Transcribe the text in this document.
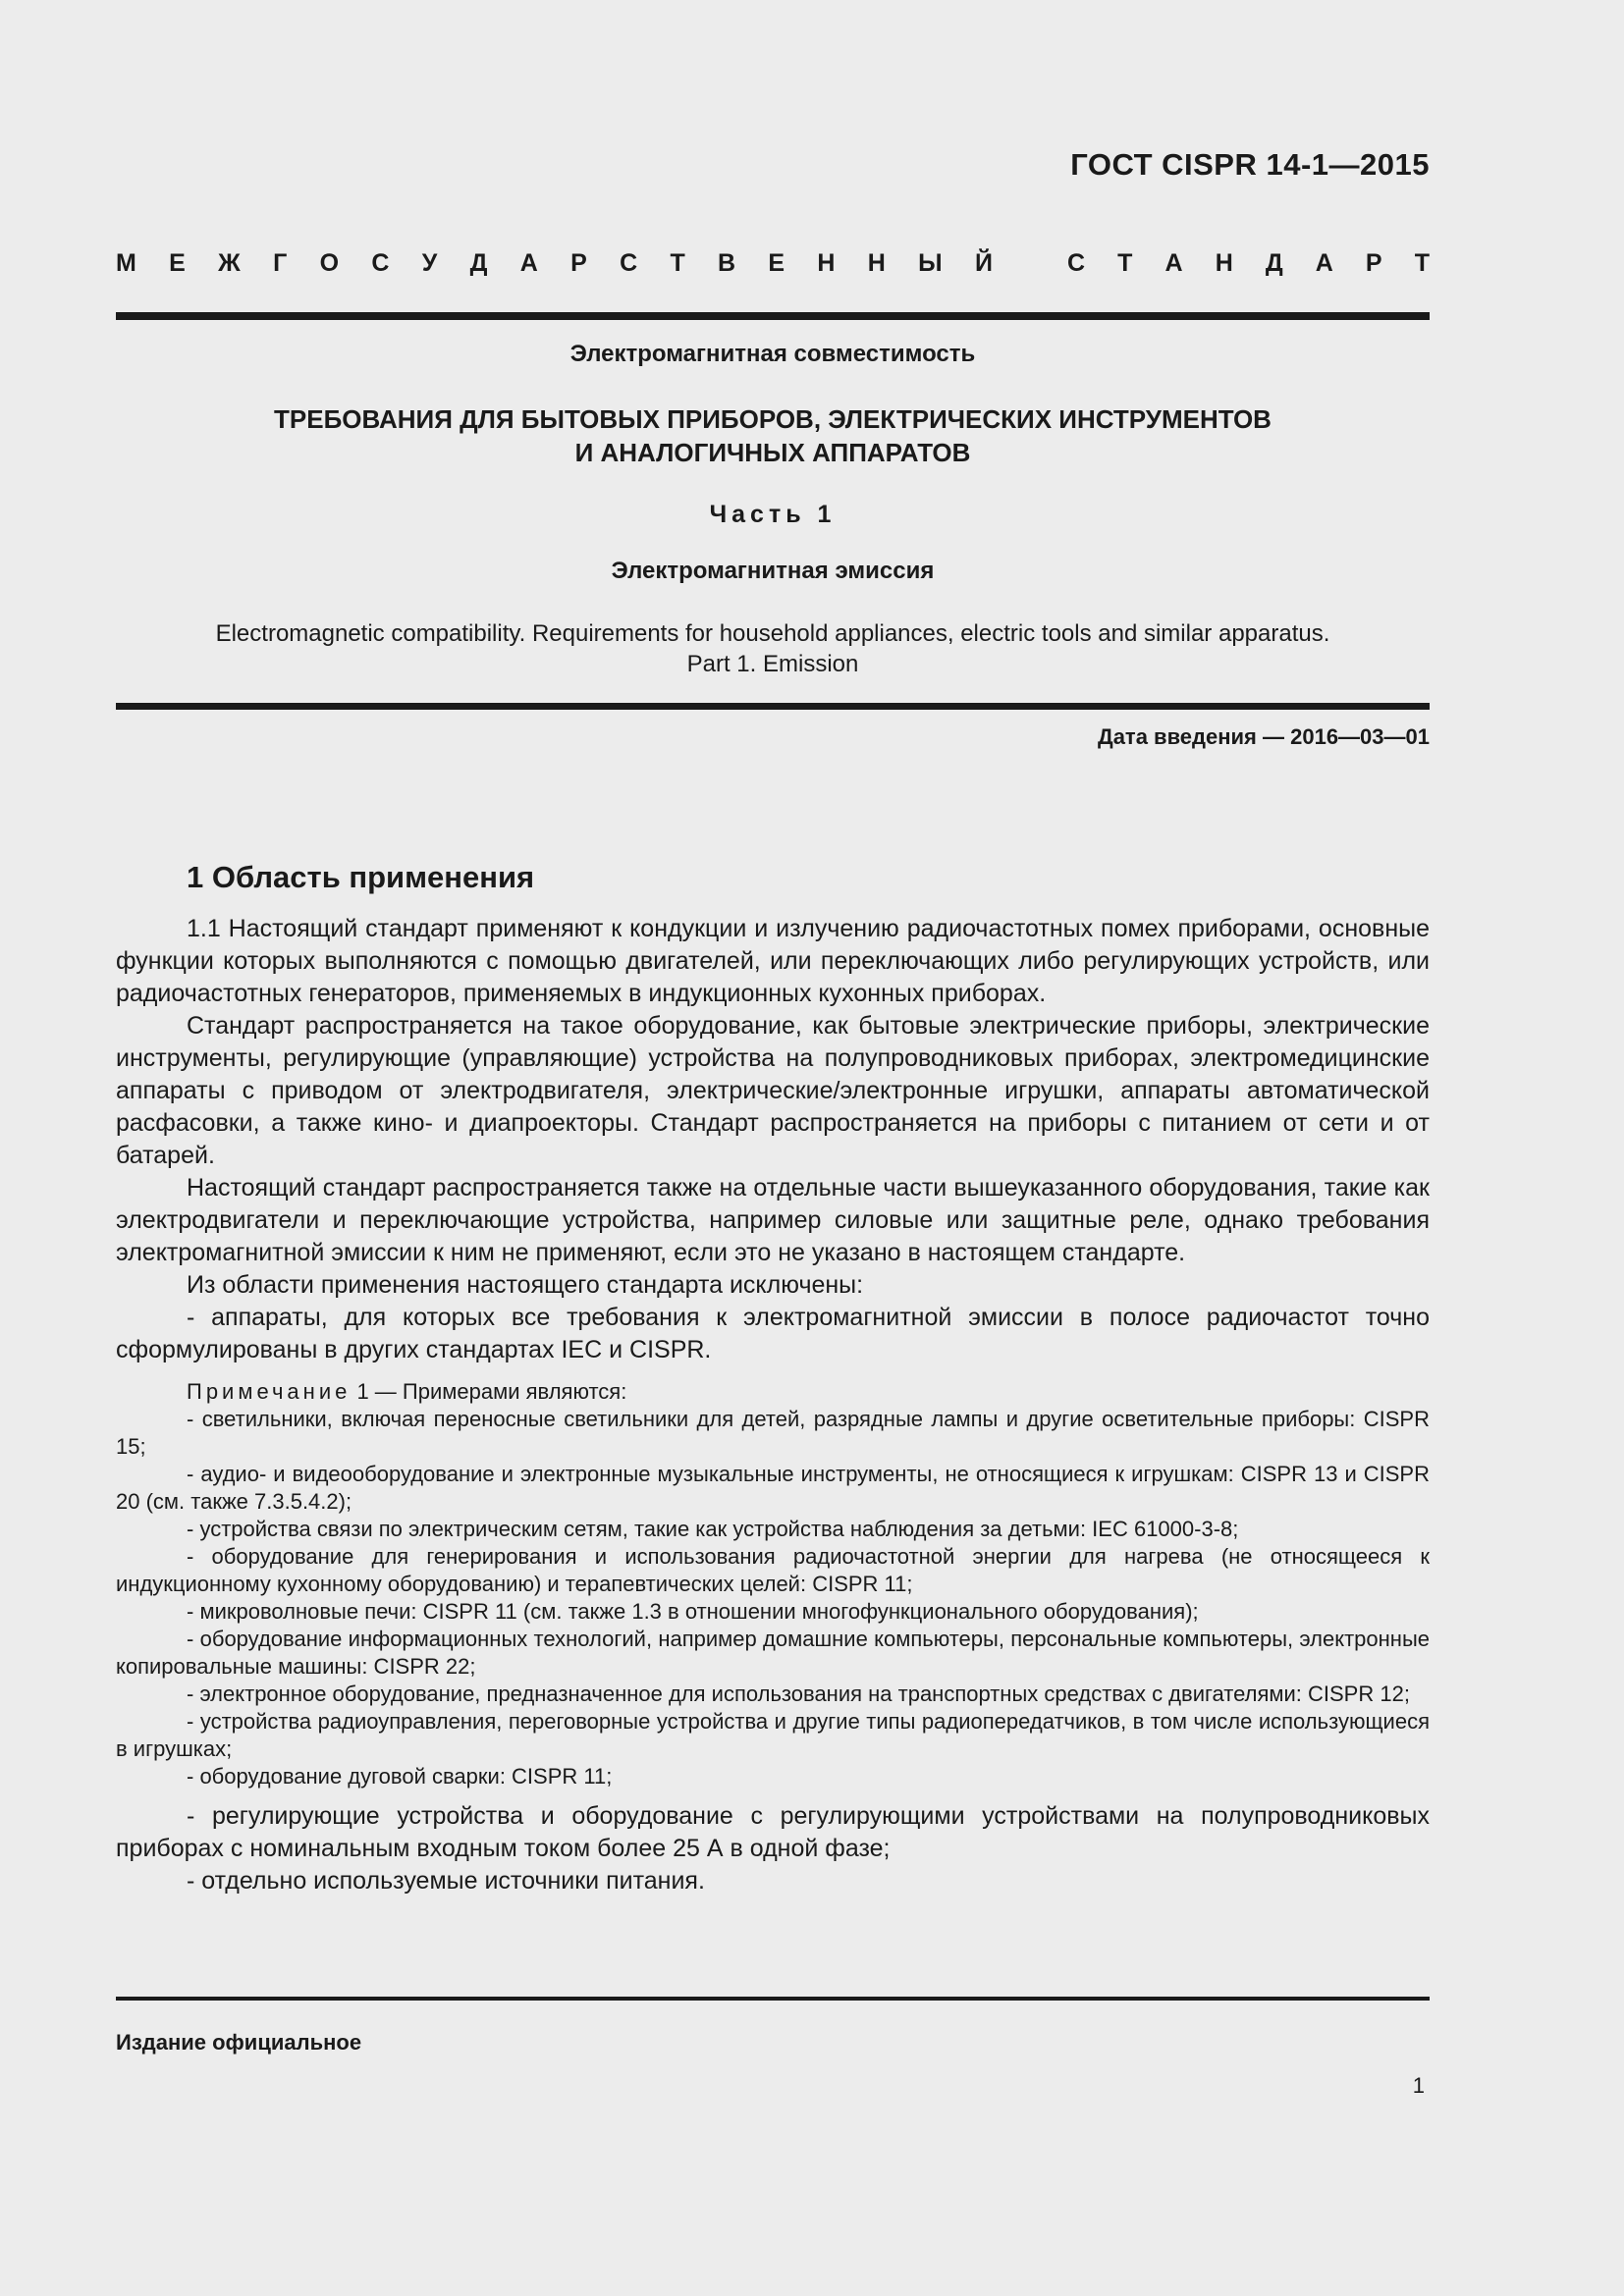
ГОСТ CISPR 14-1—2015
М Е Ж Г О С У Д А Р С Т В Е Н Н Ы Й	С Т А Н Д А Р Т
Электромагнитная совместимость
ТРЕБОВАНИЯ ДЛЯ БЫТОВЫХ ПРИБОРОВ, ЭЛЕКТРИЧЕСКИХ ИНСТРУМЕНТОВ
И АНАЛОГИЧНЫХ АППАРАТОВ
Часть 1
Электромагнитная эмиссия
Electromagnetic compatibility. Requirements for household appliances, electric tools and similar apparatus.
Part 1. Emission
Дата введения — 2016—03—01
1 Область применения

1.1 Настоящий стандарт применяют к кондукции и излучению радиочастотных помех приборами, основные функции которых выполняются с помощью двигателей, или переключающих либо регулирующих устройств, или радиочастотных генераторов, применяемых в индукционных кухонных приборах.

Стандарт распространяется на такое оборудование, как бытовые электрические приборы, электрические инструменты, регулирующие (управляющие) устройства на полупроводниковых приборах, электромедицинские аппараты с приводом от электродвигателя, электрические/электронные игрушки, аппараты автоматической расфасовки, а также кино- и диапроекторы. Стандарт распространяется на приборы с питанием от сети и от батарей.

Настоящий стандарт распространяется также на отдельные части вышеуказанного оборудования, такие как электродвигатели и переключающие устройства, например силовые или защитные реле, однако требования электромагнитной эмиссии к ним не применяют, если это не указано в настоящем стандарте.

Из области применения настоящего стандарта исключены:

- аппараты, для которых все требования к электромагнитной эмиссии в полосе радиочастот точно сформулированы в других стандартах IEC и CISPR.

Примечание 1 — Примерами являются:

- светильники, включая переносные светильники для детей, разрядные лампы и другие осветительные приборы: CISPR 15;

- аудио- и видеооборудование и электронные музыкальные инструменты, не относящиеся к игрушкам: CISPR 13 и CISPR 20 (см. также 7.3.5.4.2);

- устройства связи по электрическим сетям, такие как устройства наблюдения за детьми: IEC 61000-3-8;

- оборудование для генерирования и использования радиочастотной энергии для нагрева (не относящееся к индукционному кухонному оборудованию) и терапевтических целей: CISPR 11;

- микроволновые печи: CISPR 11 (см. также 1.3 в отношении многофункционального оборудования);

- оборудование информационных технологий, например домашние компьютеры, персональные компьютеры, электронные копировальные машины: CISPR 22;

- электронное оборудование, предназначенное для использования на транспортных средствах с двигателями: CISPR 12;

- устройства радиоуправления, переговорные устройства и другие типы радиопередатчиков, в том числе использующиеся в игрушках;

- оборудование дуговой сварки: CISPR 11;

- регулирующие устройства и оборудование с регулирующими устройствами на полупроводниковых приборах с номинальным входным током более 25 А в одной фазе;

- отдельно используемые источники питания.

Издание официальное
1
